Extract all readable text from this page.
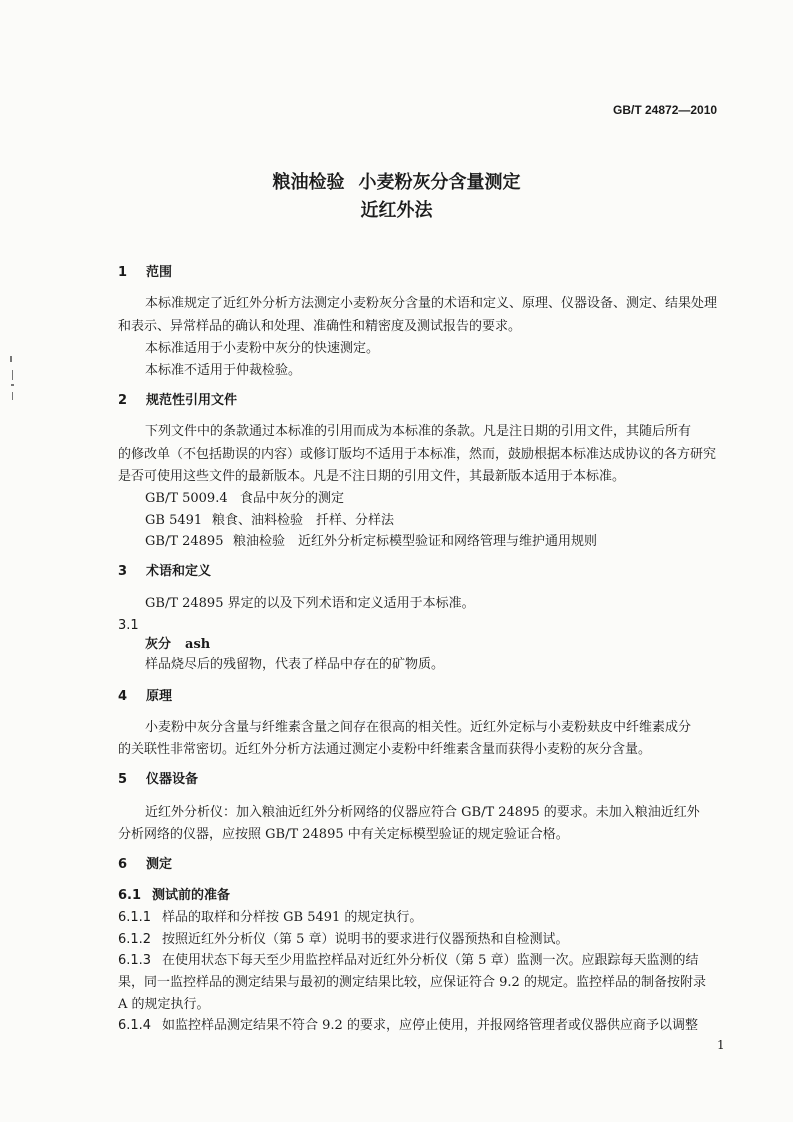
GB/T 24872—2010
粮油检验 小麦粉灰分含量测定
近红外法
1 范围
本标准规定了近红外分析方法测定小麦粉灰分含量的术语和定义、原理、仪器设备、测定、结果处理
和表示、异常样品的确认和处理、准确性和精密度及测试报告的要求。
本标准适用于小麦粉中灰分的快速测定。
本标准不适用于仲裁检验。
2 规范性引用文件
下列文件中的条款通过本标准的引用而成为本标准的条款。凡是注日期的引用文件，其随后所有
的修改单（不包括勘误的内容）或修订版均不适用于本标准，然而，鼓励根据本标准达成协议的各方研究
是否可使用这些文件的最新版本。凡是不注日期的引用文件，其最新版本适用于本标准。
GB/T 5009.4 食品中灰分的测定
GB 5491 粮食、油料检验　扦样、分样法
GB/T 24895 粮油检验　近红外分析定标模型验证和网络管理与维护通用规则
3 术语和定义
GB/T 24895 界定的以及下列术语和定义适用于本标准。
3.1
灰分 ash
样品烧尽后的残留物，代表了样品中存在的矿物质。
4 原理
小麦粉中灰分含量与纤维素含量之间存在很高的相关性。近红外定标与小麦粉麸皮中纤维素成分
的关联性非常密切。近红外分析方法通过测定小麦粉中纤维素含量而获得小麦粉的灰分含量。
5 仪器设备
近红外分析仪：加入粮油近红外分析网络的仪器应符合 GB/T 24895 的要求。未加入粮油近红外
分析网络的仪器，应按照 GB/T 24895 中有关定标模型验证的规定验证合格。
6 测定
6.1 测试前的准备
6.1.1 样品的取样和分样按 GB 5491 的规定执行。
6.1.2 按照近红外分析仪（第 5 章）说明书的要求进行仪器预热和自检测试。
6.1.3 在使用状态下每天至少用监控样品对近红外分析仪（第 5 章）监测一次。应跟踪每天监测的结
果，同一监控样品的测定结果与最初的测定结果比较，应保证符合 9.2 的规定。监控样品的制备按附录
A 的规定执行。
6.1.4 如监控样品测定结果不符合 9.2 的要求，应停止使用，并报网络管理者或仪器供应商予以调整
1
